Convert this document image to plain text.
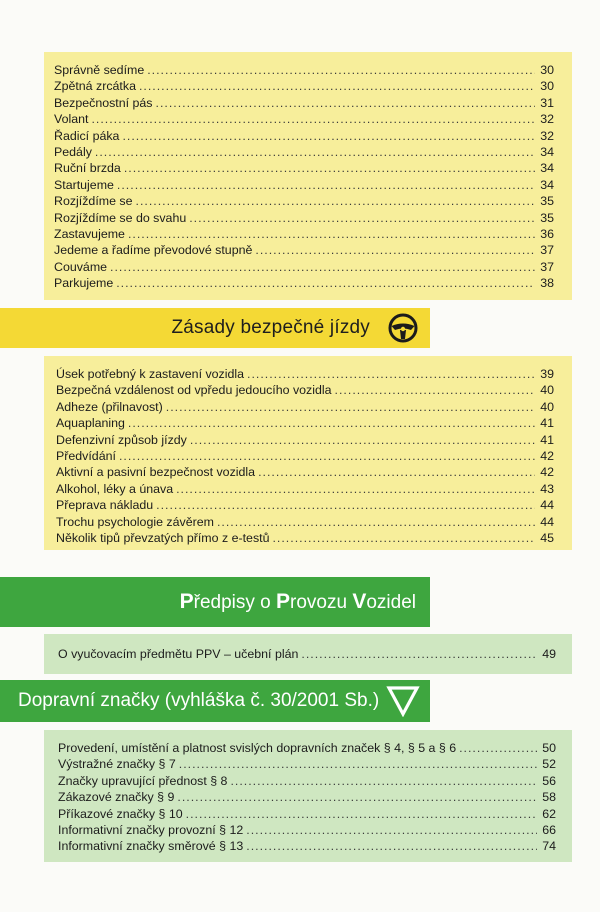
Správně sedíme .....	30
Zpětná zrcátka .....	30
Bezpečnostní pás .....	31
Volant .....	32
Řadicí páka .....	32
Pedály .....	34
Ruční brzda .....	34
Startujeme .....	34
Rozjíždíme se .....	35
Rozjíždíme se do svahu .....	35
Zastavujeme .....	36
Jedeme a řadíme převodové stupně .....	37
Couváme .....	37
Parkujeme .....	38
Zásady bezpečné jízdy
Úsek potřebný k zastavení vozidla .....	39
Bezpečná vzdálenost od vpředu jedoucího vozidla .....	40
Adheze (přilnavost) .....	40
Aquaplaning .....	41
Defenzivní způsob jízdy .....	41
Předvídání .....	42
Aktivní a pasivní bezpečnost vozidla .....	42
Alkohol, léky a únava .....	43
Přeprava nákladu .....	44
Trochu psychologie závěrem .....	44
Několik tipů převzatých přímo z e-testů .....	45
Předpisy o Provozu Vozidel
O vyučovacím předmětu PPV – učební plán .....	49
Dopravní značky (vyhláška č. 30/2001 Sb.)
Provedení, umístění a platnost svislých dopravních značek § 4, § 5 a § 6 .....	50
Výstražné značky § 7 .....	52
Značky upravující přednost § 8 .....	56
Zákazové značky § 9 .....	58
Příkazové značky § 10 .....	62
Informativní značky provozní § 12 .....	66
Informativní značky směrové § 13 .....	74
